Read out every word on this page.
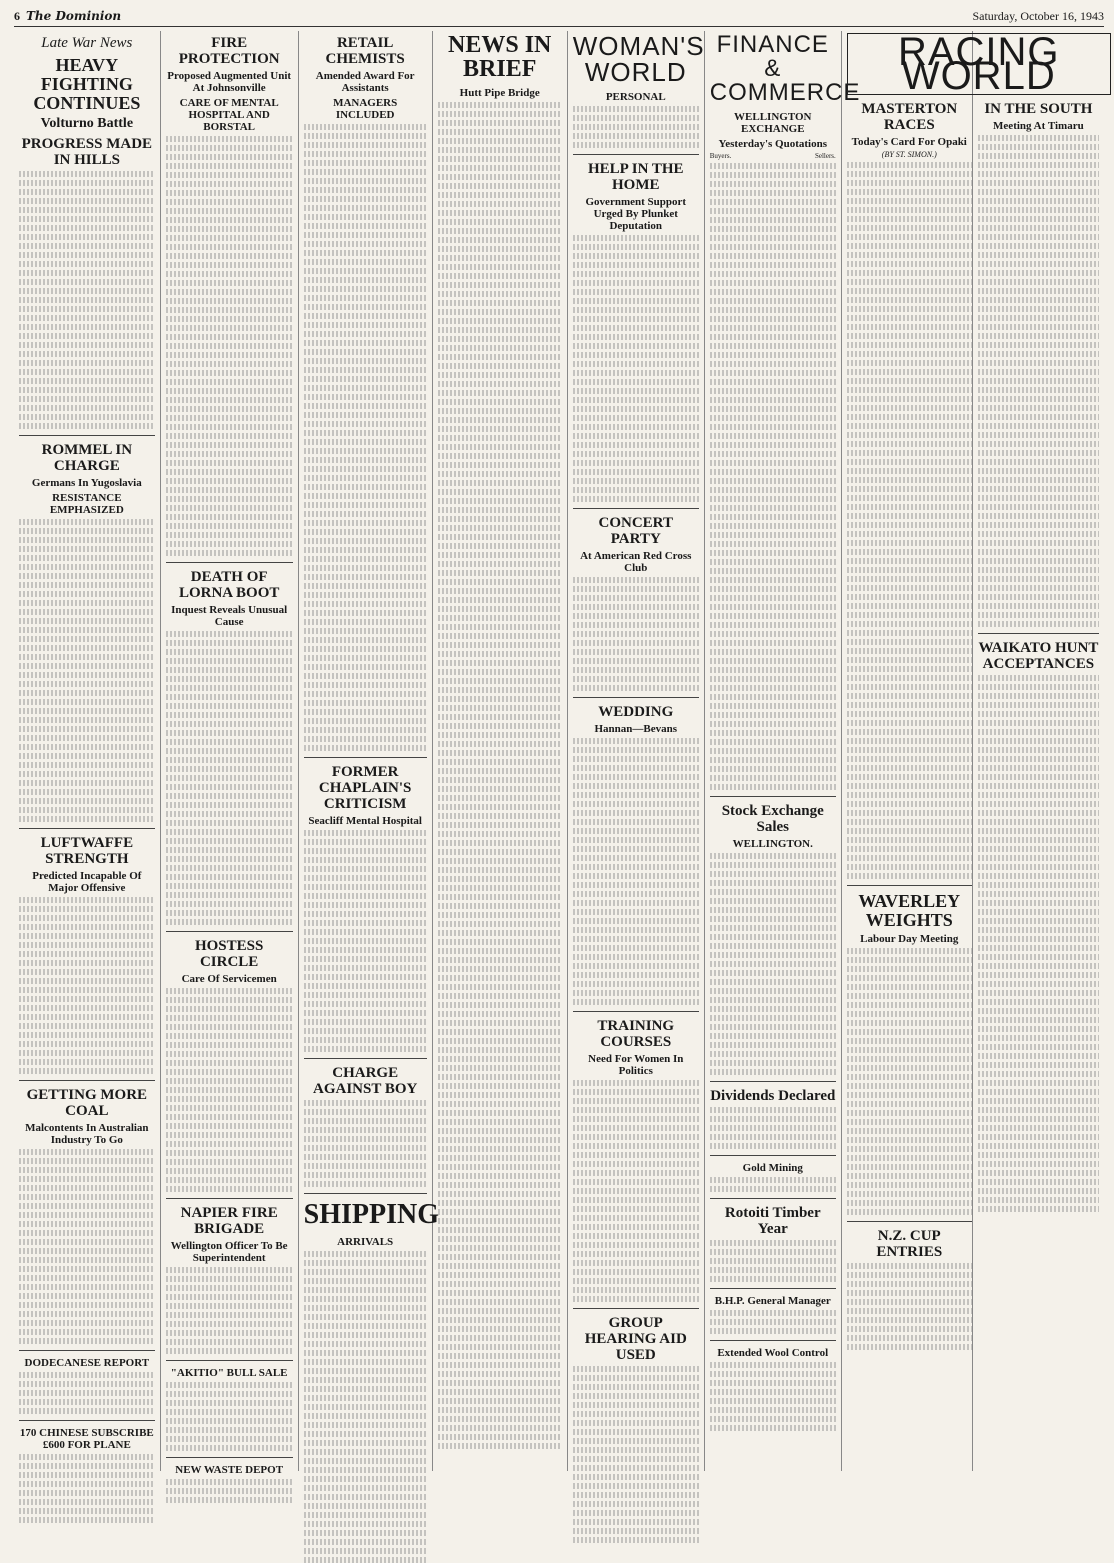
6 The Dominion	Saturday, October 16, 1943
Late War News
HEAVY FIGHTING CONTINUES
Volturno Battle
PROGRESS MADE IN HILLS
ROMMEL IN CHARGE
Germans In Yugoslavia
RESISTANCE EMPHASIZED
LUFTWAFFE STRENGTH
Predicted Incapable Of Major Offensive
GETTING MORE COAL
Malcontents In Australian Industry To Go
DODECANESE REPORT
170 CHINESE SUBSCRIBE £600 FOR PLANE
FIRE PROTECTION
Proposed Augmented Unit At Johnsonville
CARE OF MENTAL HOSPITAL AND BORSTAL
DEATH OF LORNA BOOT
Inquest Reveals Unusual Cause
HOSTESS CIRCLE
Care Of Servicemen
NAPIER FIRE BRIGADE
Wellington Officer To Be Superintendent
"AKITIO" BULL SALE
NEW WASTE DEPOT
RETAIL CHEMISTS
Amended Award For Assistants
MANAGERS INCLUDED
FORMER CHAPLAIN'S CRITICISM
Seacliff Mental Hospital
CHARGE AGAINST BOY
SHIPPING
ARRIVALS
NEWS IN BRIEF
Hutt Pipe Bridge
WOMAN'S WORLD
PERSONAL
HELP IN THE HOME
Government Support Urged By Plunket Deputation
CONCERT PARTY
At American Red Cross Club
WEDDING
Hannan—Bevans
TRAINING COURSES
Need For Women In Politics
GROUP HEARING AID USED
FINANCE & COMMERCE
WELLINGTON EXCHANGE
Yesterday's Quotations
Buyers.	Sellers.
Stock Exchange Sales
WELLINGTON.
Dividends Declared
Gold Mining
Rotoiti Timber Year
B.H.P. General Manager
Extended Wool Control
RACING WORLD
MASTERTON RACES
Today's Card For Opaki
(BY ST. SIMON.)
WAVERLEY WEIGHTS
Labour Day Meeting
N.Z. CUP ENTRIES
IN THE SOUTH
Meeting At Timaru
WAIKATO HUNT ACCEPTANCES
